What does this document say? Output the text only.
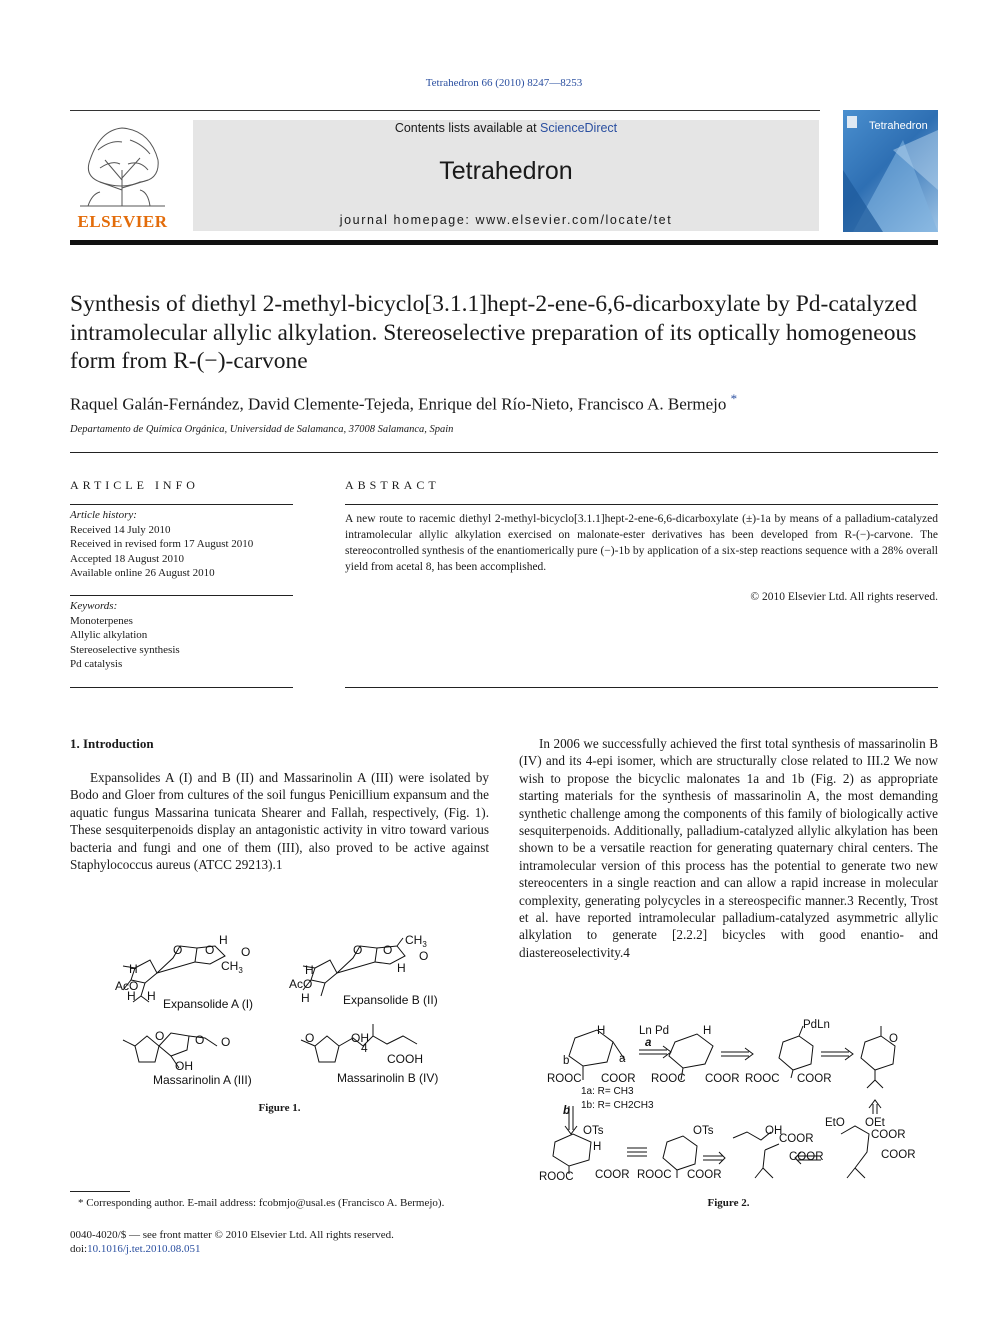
Tetrahedron 66 (2010) 8247—8253
ELSEVIER
Contents lists available at ScienceDirect
Tetrahedron
journal homepage: www.elsevier.com/locate/tet
Tetrahedron
Synthesis of diethyl 2-methyl-bicyclo[3.1.1]hept-2-ene-6,6-dicarboxylate by Pd-catalyzed intramolecular allylic alkylation. Stereoselective preparation of its optically homogeneous form from R-(−)-carvone
Raquel Galán-Fernández, David Clemente-Tejeda, Enrique del Río-Nieto, Francisco A. Bermejo *
Departamento de Química Orgánica, Universidad de Salamanca, 37008 Salamanca, Spain
ARTICLE INFO
Article history:
Received 14 July 2010
Received in revised form 17 August 2010
Accepted 18 August 2010
Available online 26 August 2010
Keywords:
Monoterpenes
Allylic alkylation
Stereoselective synthesis
Pd catalysis
ABSTRACT
A new route to racemic diethyl 2-methyl-bicyclo[3.1.1]hept-2-ene-6,6-dicarboxylate (±)-1a by means of a palladium-catalyzed intramolecular allylic alkylation exercised on malonate-ester derivatives has been developed from R-(−)-carvone. The stereocontrolled synthesis of the enantiomerically pure (−)-1b by application of a six-step reactions sequence with a 28% overall yield from acetal 8, has been accomplished.
© 2010 Elsevier Ltd. All rights reserved.
1. Introduction

Expansolides A (I) and B (II) and Massarinolin A (III) were isolated by Bodo and Gloer from cultures of the soil fungus Penicillium expansum and the aquatic fungus Massarina tunicata Shearer and Fallah, respectively, (Fig. 1). These sesquiterpenoids display an antagonistic activity in vitro toward various bacteria and fungi and one of them (III), also proved to be active against Staphylococcus aureus (ATCC 29213).1

In 2006 we successfully achieved the first total synthesis of massarinolin B (IV) and its 4-epi isomer, which are structurally close related to III.2 We now wish to propose the bicyclic malonates 1a and 1b (Fig. 2) as appropriate starting materials for the synthesis of massarinolin A, the most demanding synthetic challenge among the components of this family of biologically active sesquiterpenoids. Additionally, palladium-catalyzed allylic alkylation has been shown to be a versatile reaction for generating quaternary chiral centers. The intramolecular version of this process has the potential to generate two new stereocenters in a single reaction and can allow a rapid increase in molecular complexity, generating polycycles in a stereospecific manner.3 Recently, Trost et al. have reported intramolecular palladium-catalyzed asymmetric allylic alkylation to generate [2.2.2] bicycles with good enantio- and diastereoselectivity.4

O O
H
O
$CH_3$
H
AcO
H H
Expansolide A (I)
O O
$CH_3$
O
H
H
AcO
H	Expansolide B (II)
O	O O
OH
Massarinolin A (III)
O	OH
4
COOH
Massarinolin B (IV)
Figure 1.
H
b	a
ROOC COOR
Ln Pd	H
a
ROOC COOR
PdLn
ROOC COOR
O
1a: R= CH3
1b: R= CH2CH3
b
OTs
H
ROOC COOR
OTs
ROOC COOR
OH
COOR
COOR
EtO OEt
COOR
COOR
Figure 2.
* Corresponding author. E-mail address: fcobmjo@usal.es (Francisco A. Bermejo).
0040-4020/$ — see front matter © 2010 Elsevier Ltd. All rights reserved.
doi:10.1016/j.tet.2010.08.051
